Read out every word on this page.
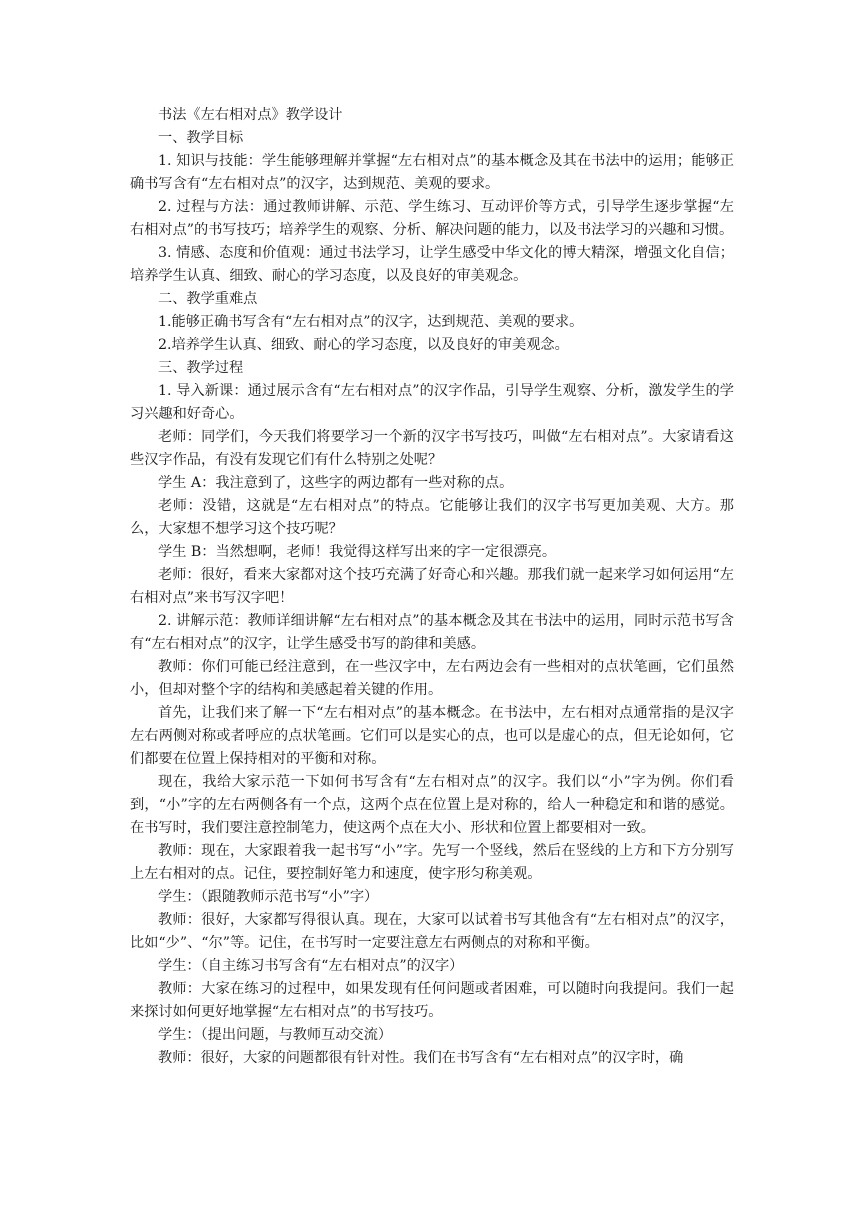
书法《左右相对点》教学设计
一、教学目标

1. 知识与技能：学生能够理解并掌握“左右相对点”的基本概念及其在书法中的运用；能够正确书写含有“左右相对点”的汉字，达到规范、美观的要求。

2. 过程与方法：通过教师讲解、示范、学生练习、互动评价等方式，引导学生逐步掌握“左右相对点”的书写技巧；培养学生的观察、分析、解决问题的能力，以及书法学习的兴趣和习惯。

3. 情感、态度和价值观：通过书法学习，让学生感受中华文化的博大精深，增强文化自信；培养学生认真、细致、耐心的学习态度，以及良好的审美观念。

二、教学重难点

1.能够正确书写含有“左右相对点”的汉字，达到规范、美观的要求。

2.培养学生认真、细致、耐心的学习态度，以及良好的审美观念。

三、教学过程

1. 导入新课：通过展示含有“左右相对点”的汉字作品，引导学生观察、分析，激发学生的学习兴趣和好奇心。

老师：同学们，今天我们将要学习一个新的汉字书写技巧，叫做“左右相对点”。大家请看这些汉字作品，有没有发现它们有什么特别之处呢？

学生 A：我注意到了，这些字的两边都有一些对称的点。

老师：没错，这就是“左右相对点”的特点。它能够让我们的汉字书写更加美观、大方。那么，大家想不想学习这个技巧呢？

学生 B：当然想啊，老师！我觉得这样写出来的字一定很漂亮。

老师：很好，看来大家都对这个技巧充满了好奇心和兴趣。那我们就一起来学习如何运用“左右相对点”来书写汉字吧！

2. 讲解示范：教师详细讲解“左右相对点”的基本概念及其在书法中的运用，同时示范书写含有“左右相对点”的汉字，让学生感受书写的韵律和美感。

教师：你们可能已经注意到，在一些汉字中，左右两边会有一些相对的点状笔画，它们虽然小，但却对整个字的结构和美感起着关键的作用。

首先，让我们来了解一下“左右相对点”的基本概念。在书法中，左右相对点通常指的是汉字左右两侧对称或者呼应的点状笔画。它们可以是实心的点，也可以是虚心的点，但无论如何，它们都要在位置上保持相对的平衡和对称。

现在，我给大家示范一下如何书写含有“左右相对点”的汉字。我们以“小”字为例。你们看到，“小”字的左右两侧各有一个点，这两个点在位置上是对称的，给人一种稳定和和谐的感觉。在书写时，我们要注意控制笔力，使这两个点在大小、形状和位置上都要相对一致。

教师：现在，大家跟着我一起书写“小”字。先写一个竖线，然后在竖线的上方和下方分别写上左右相对的点。记住，要控制好笔力和速度，使字形匀称美观。

学生：（跟随教师示范书写“小”字）

教师：很好，大家都写得很认真。现在，大家可以试着书写其他含有“左右相对点”的汉字，比如“少”、“尔”等。记住，在书写时一定要注意左右两侧点的对称和平衡。

学生：（自主练习书写含有“左右相对点”的汉字）

教师：大家在练习的过程中，如果发现有任何问题或者困难，可以随时向我提问。我们一起来探讨如何更好地掌握“左右相对点”的书写技巧。

学生：（提出问题，与教师互动交流）

教师：很好，大家的问题都很有针对性。我们在书写含有“左右相对点”的汉字时，确
